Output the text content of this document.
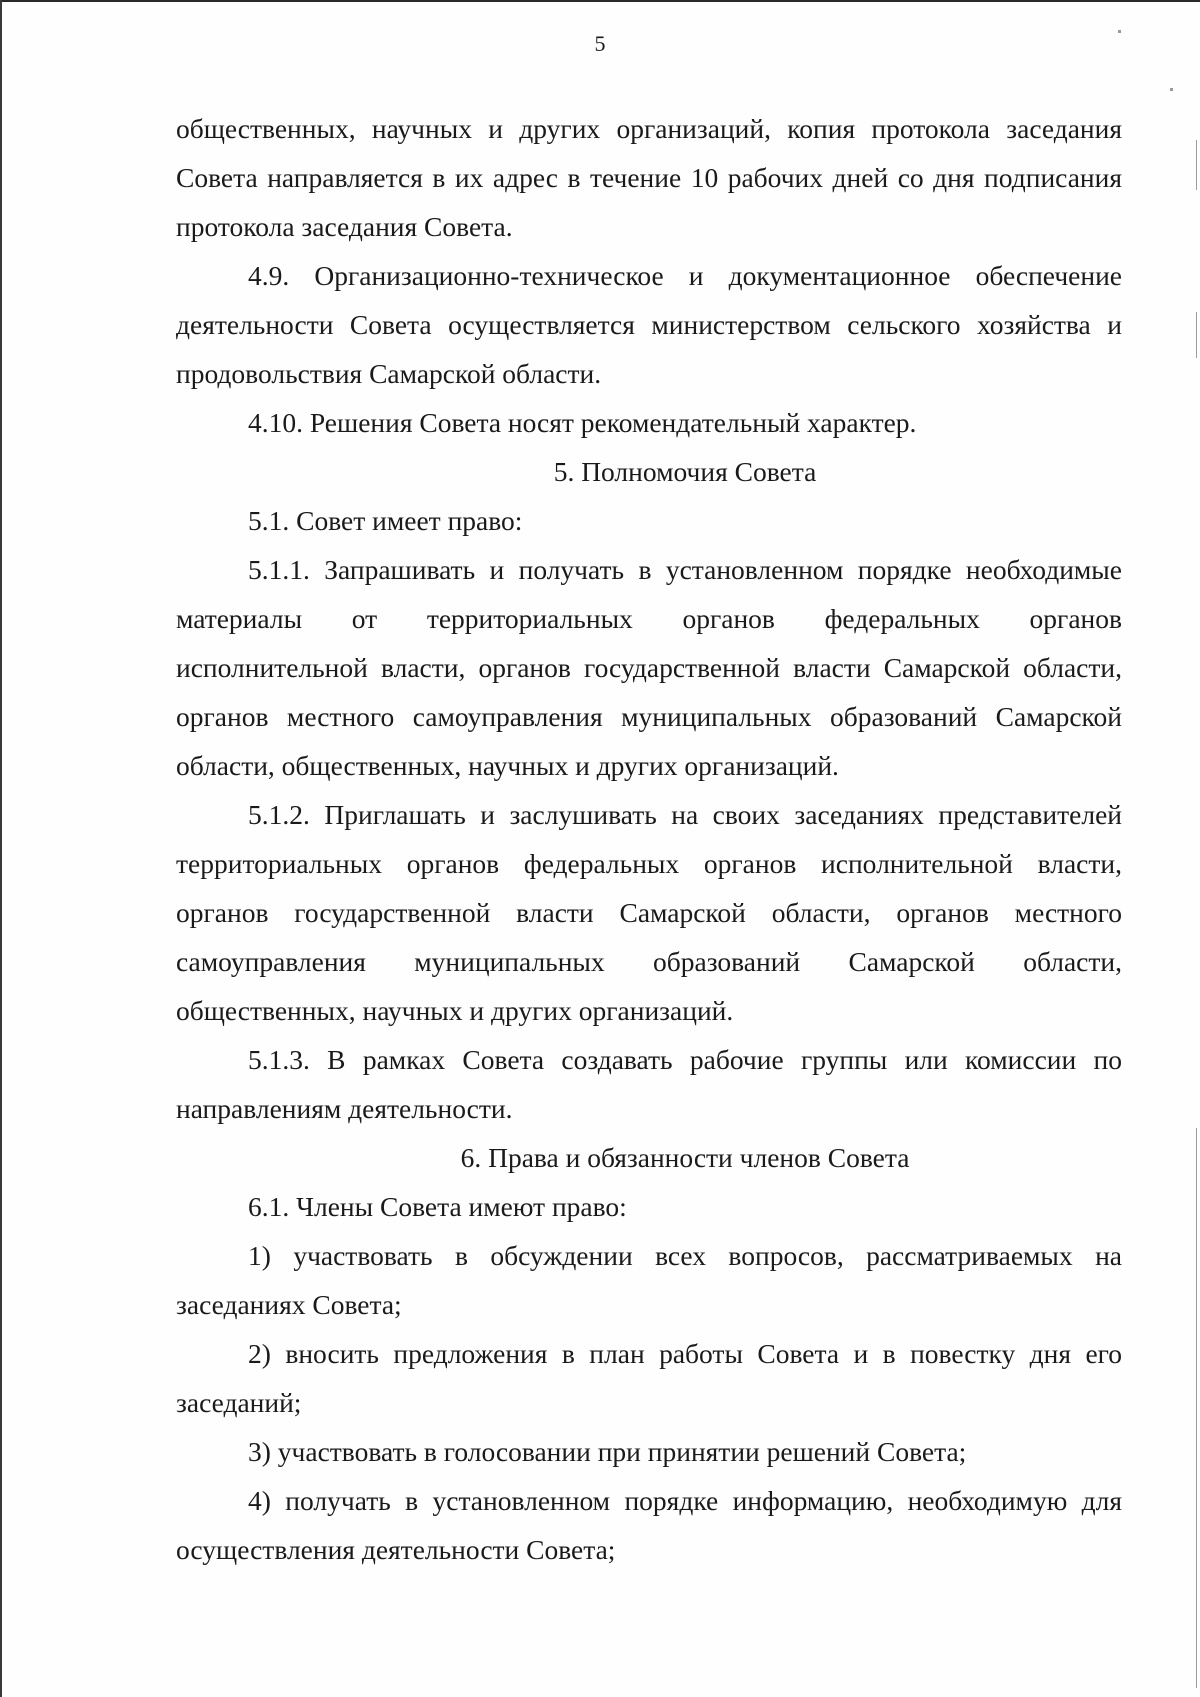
5

общественных, научных и других организаций, копия протокола заседания Совета направляется в их адрес в течение 10 рабочих дней со дня подписания протокола заседания Совета.

4.9. Организационно-техническое и документационное обеспечение деятельности Совета осуществляется министерством сельского хозяйства и продовольствия Самарской области.

4.10. Решения Совета носят рекомендательный характер.

5. Полномочия Совета

5.1. Совет имеет право:

5.1.1. Запрашивать и получать в установленном порядке необходимые

материалы от территориальных органов федеральных органов

исполнительной власти, органов государственной власти Самарской области, органов местного самоуправления муниципальных образований Самарской области, общественных, научных и других организаций.

5.1.2. Приглашать и заслушивать на своих заседаниях представителей территориальных органов федеральных органов исполнительной власти, органов государственной власти Самарской области, органов местного

самоуправления муниципальных образований Самарской области,

общественных, научных и других организаций.

5.1.3. В рамках Совета создавать рабочие группы или комиссии по направлениям деятельности.

6. Права и обязанности членов Совета

6.1. Члены Совета имеют право:

1) участвовать в обсуждении всех вопросов, рассматриваемых на заседаниях Совета;

2) вносить предложения в план работы Совета и в повестку дня его заседаний;

3) участвовать в голосовании при принятии решений Совета;

4) получать в установленном порядке информацию, необходимую для осуществления деятельности Совета;
